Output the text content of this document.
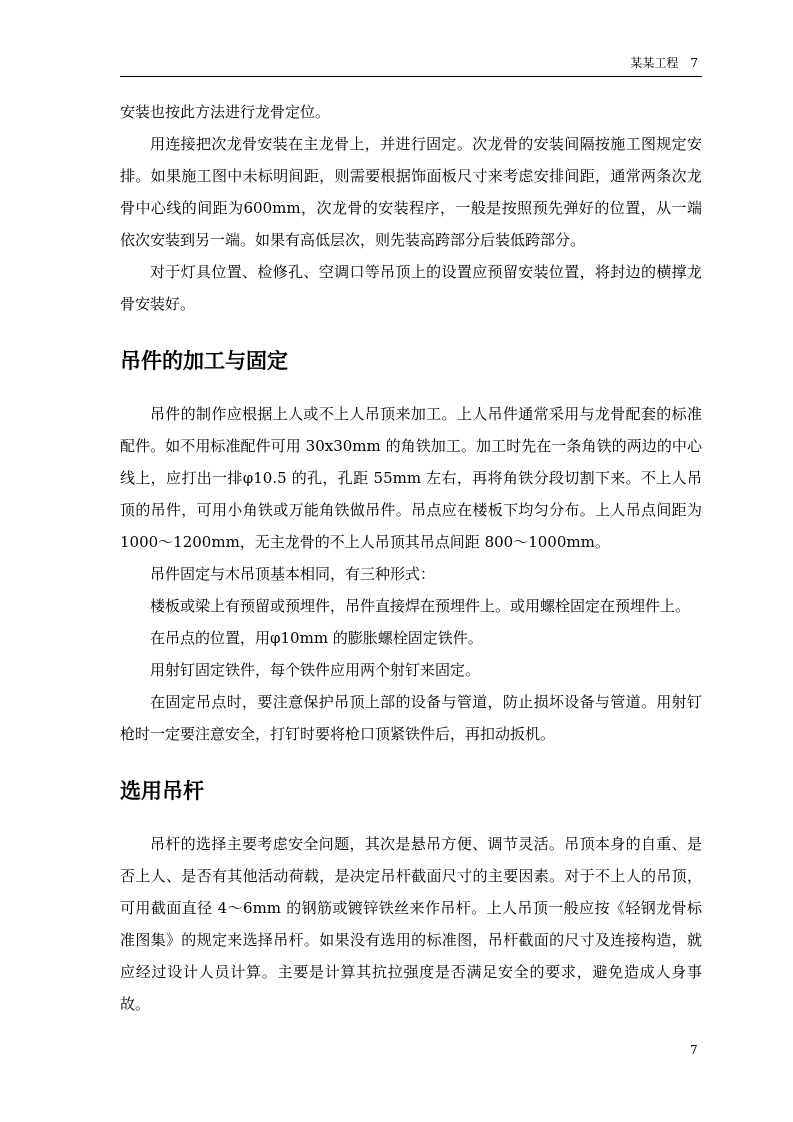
某某工程 7

安装也按此方法进行龙骨定位。

用连接把次龙骨安装在主龙骨上，并进行固定。次龙骨的安装间隔按施工图规定安排。如果施工图中未标明间距，则需要根据饰面板尺寸来考虑安排间距，通常两条次龙骨中心线的间距为600mm，次龙骨的安装程序，一般是按照预先弹好的位置，从一端依次安装到另一端。如果有高低层次，则先装高跨部分后装低跨部分。

对于灯具位置、检修孔、空调口等吊顶上的设置应预留安装位置，将封边的横撑龙骨安装好。

吊件的加工与固定

吊件的制作应根据上人或不上人吊顶来加工。上人吊件通常采用与龙骨配套的标准配件。如不用标准配件可用 30x30mm 的角铁加工。加工时先在一条角铁的两边的中心线上，应打出一排φ10.5 的孔，孔距 55mm 左右，再将角铁分段切割下来。不上人吊顶的吊件，可用小角铁或万能角铁做吊件。吊点应在楼板下均匀分布。上人吊点间距为 1000～1200mm，无主龙骨的不上人吊顶其吊点间距 800～1000mm。

吊件固定与木吊顶基本相同，有三种形式：

楼板或梁上有预留或预埋件，吊件直接焊在预埋件上。或用螺栓固定在预埋件上。

在吊点的位置，用φ10mm 的膨胀螺栓固定铁件。

用射钉固定铁件，每个铁件应用两个射钉来固定。

在固定吊点时，要注意保护吊顶上部的设备与管道，防止损坏设备与管道。用射钉枪时一定要注意安全，打钉时要将枪口顶紧铁件后，再扣动扳机。

选用吊杆

吊杆的选择主要考虑安全问题，其次是悬吊方便、调节灵活。吊顶本身的自重、是否上人、是否有其他活动荷载，是决定吊杆截面尺寸的主要因素。对于不上人的吊顶，可用截面直径 4～6mm 的钢筋或镀锌铁丝来作吊杆。上人吊顶一般应按《轻钢龙骨标准图集》的规定来选择吊杆。如果没有选用的标准图，吊杆截面的尺寸及连接构造，就应经过设计人员计算。主要是计算其抗拉强度是否满足安全的要求，避免造成人身事故。

7
